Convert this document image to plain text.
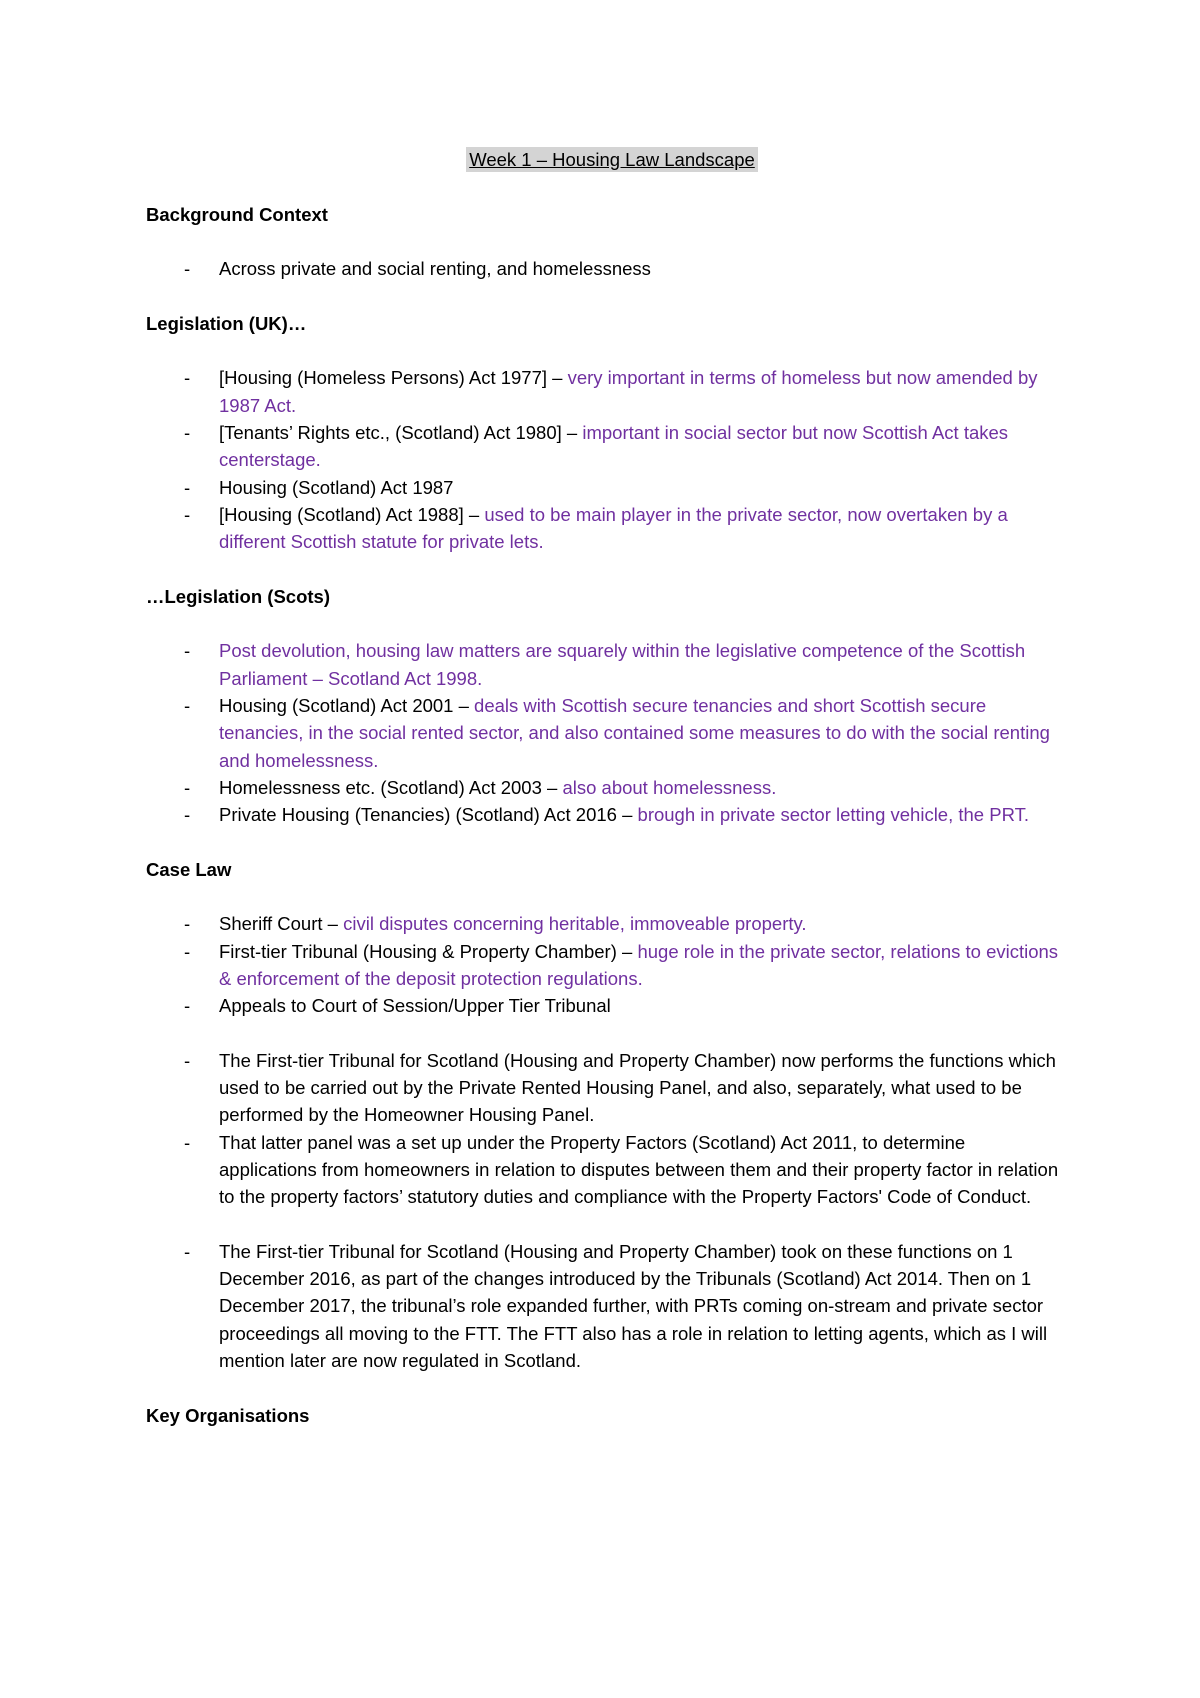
Week 1 – Housing Law Landscape

Background Context

- Across private and social renting, and homelessness

Legislation (UK)…

- [Housing (Homeless Persons) Act 1977] – very important in terms of homeless but now amended by 1987 Act.
- [Tenants’ Rights etc., (Scotland) Act 1980] – important in social sector but now Scottish Act takes centerstage.
- Housing (Scotland) Act 1987
- [Housing (Scotland) Act 1988] – used to be main player in the private sector, now overtaken by a different Scottish statute for private lets.

…Legislation (Scots)

- Post devolution, housing law matters are squarely within the legislative competence of the Scottish Parliament – Scotland Act 1998.
- Housing (Scotland) Act 2001 – deals with Scottish secure tenancies and short Scottish secure tenancies, in the social rented sector, and also contained some measures to do with the social renting and homelessness.
- Homelessness etc. (Scotland) Act 2003 – also about homelessness.
- Private Housing (Tenancies) (Scotland) Act 2016 – brough in private sector letting vehicle, the PRT.

Case Law

- Sheriff Court – civil disputes concerning heritable, immoveable property.
- First-tier Tribunal (Housing & Property Chamber) – huge role in the private sector, relations to evictions & enforcement of the deposit protection regulations.
- Appeals to Court of Session/Upper Tier Tribunal
- The First-tier Tribunal for Scotland (Housing and Property Chamber) now performs the functions which used to be carried out by the Private Rented Housing Panel, and also, separately, what used to be performed by the Homeowner Housing Panel.
- That latter panel was a set up under the Property Factors (Scotland) Act 2011, to determine applications from homeowners in relation to disputes between them and their property factor in relation to the property factors’ statutory duties and compliance with the Property Factors' Code of Conduct.
- The First-tier Tribunal for Scotland (Housing and Property Chamber) took on these functions on 1 December 2016, as part of the changes introduced by the Tribunals (Scotland) Act 2014. Then on 1 December 2017, the tribunal’s role expanded further, with PRTs coming on-stream and private sector proceedings all moving to the FTT. The FTT also has a role in relation to letting agents, which as I will mention later are now regulated in Scotland.

Key Organisations
